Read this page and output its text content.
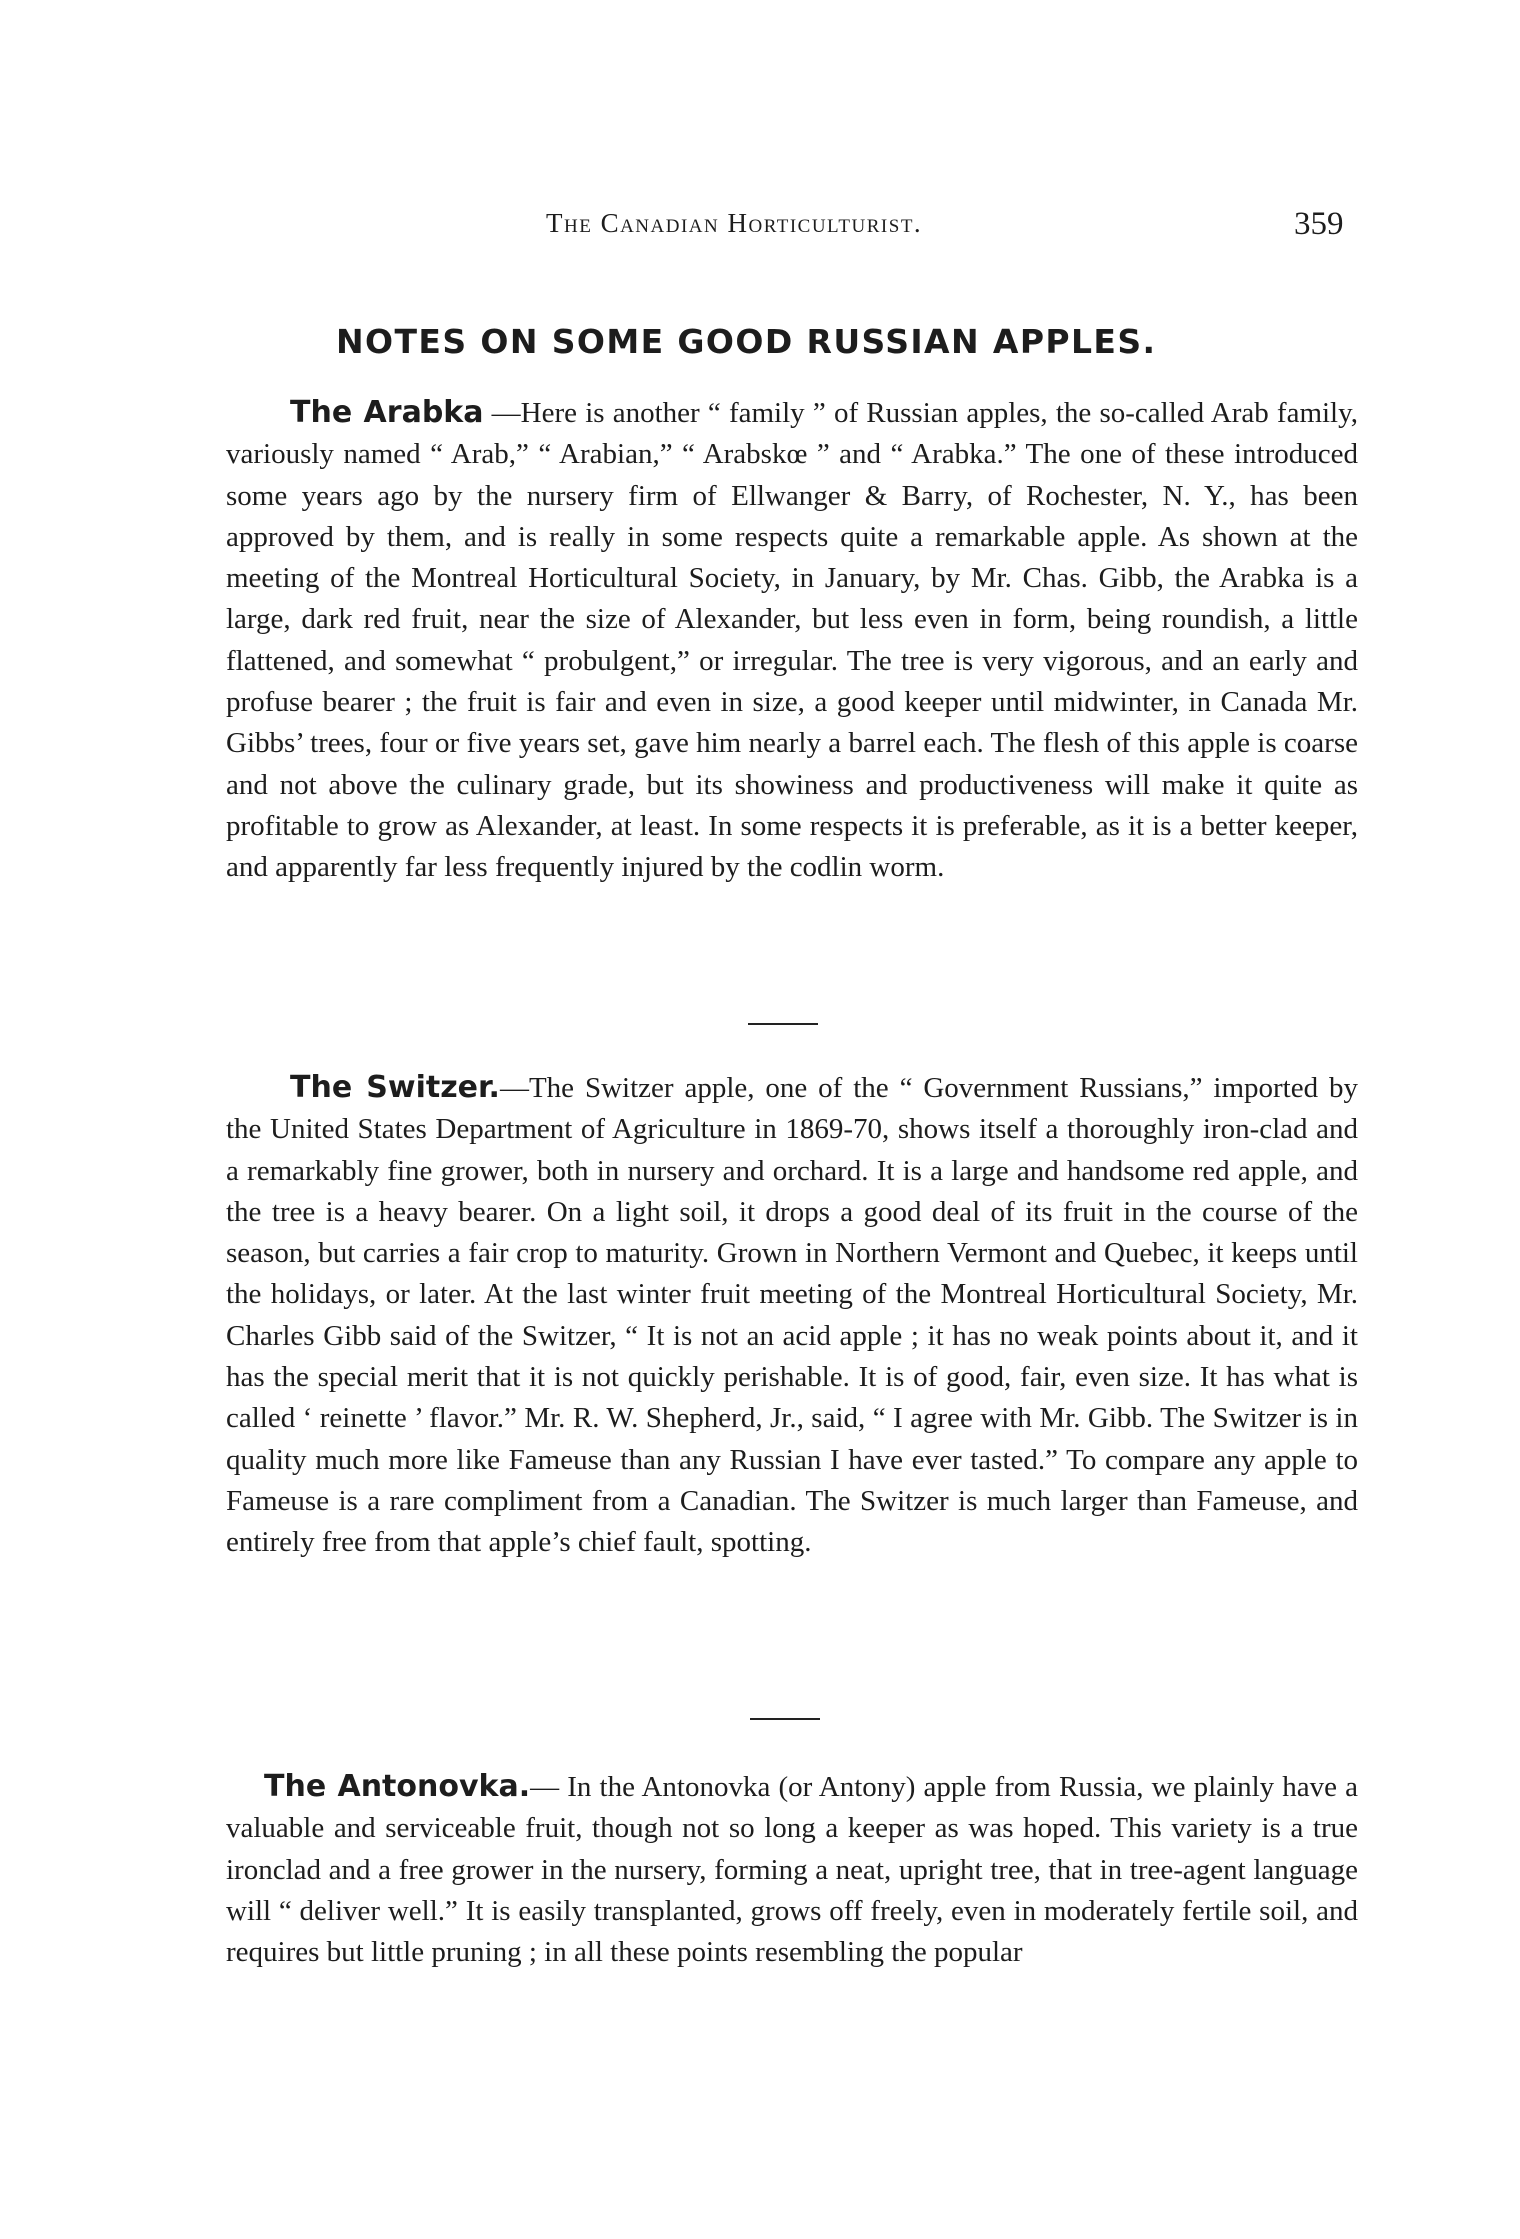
The Canadian Horticulturist.	359
NOTES ON SOME GOOD RUSSIAN APPLES.

The Arabka —Here is another “ family ” of Russian apples, the so-called Arab family, variously named “ Arab,” “ Arabian,” “ Arabskœ ” and “ Arabka.” The one of these introduced some years ago by the nursery firm of Ellwanger & Barry, of Rochester, N. Y., has been approved by them, and is really in some respects quite a remarkable apple. As shown at the meeting of the Montreal Horticultural Society, in January, by Mr. Chas. Gibb, the Arabka is a large, dark red fruit, near the size of Alexander, but less even in form, being roundish, a little flattened, and somewhat “ probulgent,” or irregular. The tree is very vigorous, and an early and profuse bearer ; the fruit is fair and even in size, a good keeper until midwinter, in Canada Mr. Gibbs’ trees, four or five years set, gave him nearly a barrel each. The flesh of this apple is coarse and not above the culinary grade, but its showiness and productiveness will make it quite as profitable to grow as Alexander, at least. In some respects it is preferable, as it is a better keeper, and apparently far less frequently injured by the codlin worm.

The Switzer.—The Switzer apple, one of the “ Government Russians,” imported by the United States Department of Agriculture in 1869-70, shows itself a thoroughly iron-clad and a remarkably fine grower, both in nursery and orchard. It is a large and handsome red apple, and the tree is a heavy bearer. On a light soil, it drops a good deal of its fruit in the course of the season, but carries a fair crop to maturity. Grown in Northern Vermont and Quebec, it keeps until the holidays, or later. At the last winter fruit meeting of the Montreal Horticultural Society, Mr. Charles Gibb said of the Switzer, “ It is not an acid apple ; it has no weak points about it, and it has the special merit that it is not quickly perishable. It is of good, fair, even size. It has what is called ‘ reinette ’ flavor.” Mr. R. W. Shepherd, Jr., said, “ I agree with Mr. Gibb. The Switzer is in quality much more like Fameuse than any Russian I have ever tasted.” To compare any apple to Fameuse is a rare compliment from a Canadian. The Switzer is much larger than Fameuse, and entirely free from that apple’s chief fault, spotting.

The Antonovka.— In the Antonovka (or Antony) apple from Russia, we plainly have a valuable and serviceable fruit, though not so long a keeper as was hoped. This variety is a true ironclad and a free grower in the nursery, forming a neat, upright tree, that in tree-agent language will “ deliver well.” It is easily transplanted, grows off freely, even in moderately fertile soil, and requires but little pruning ; in all these points resembling the popular
